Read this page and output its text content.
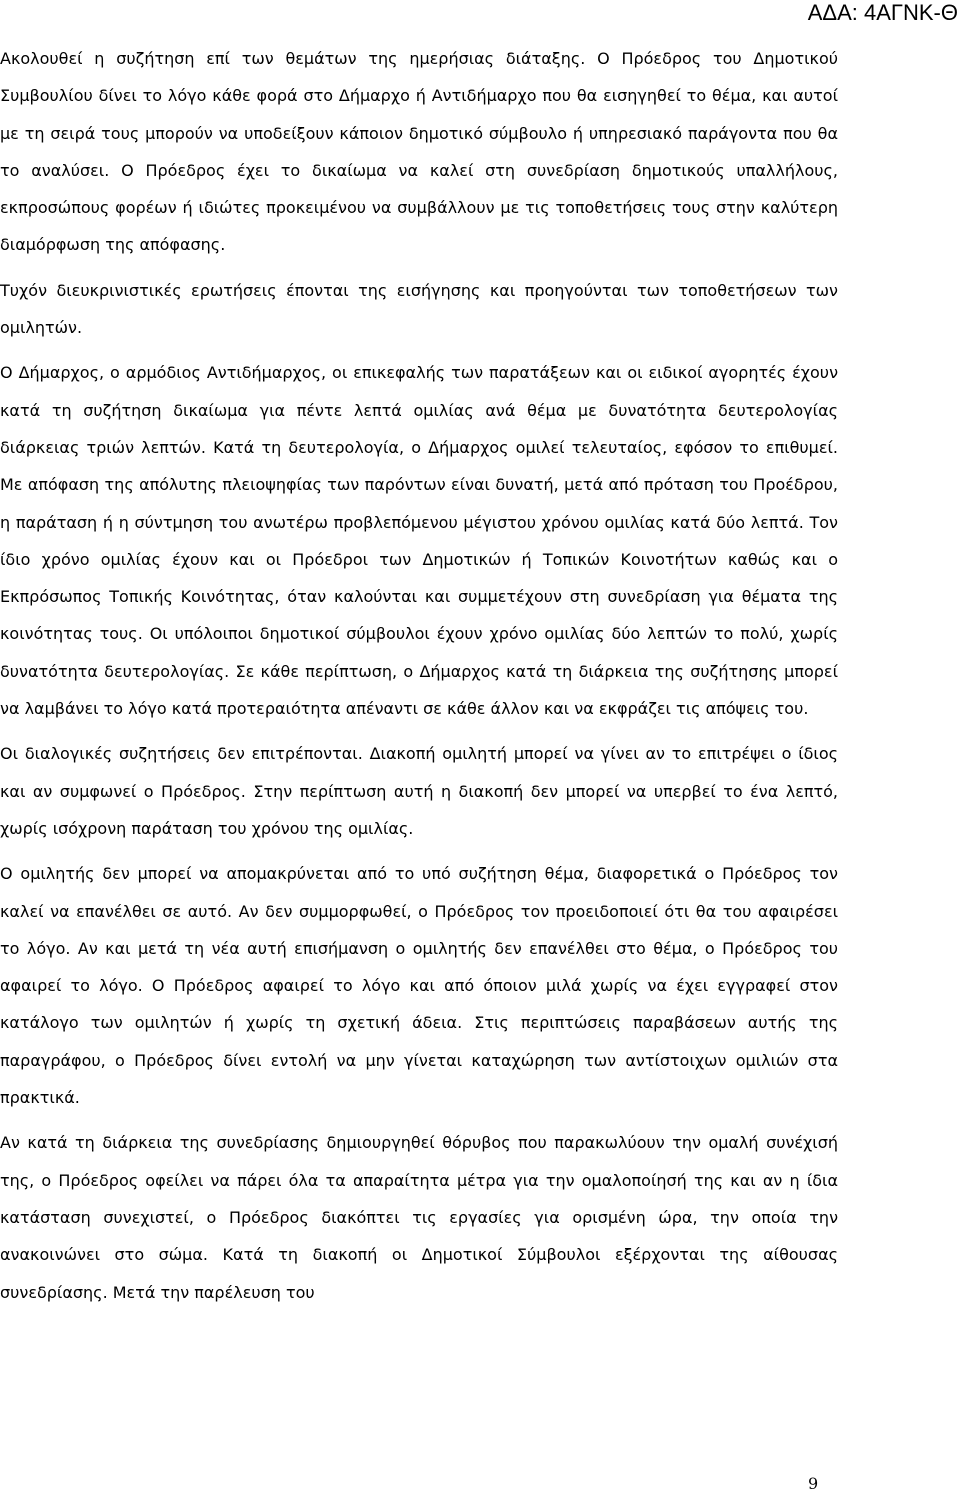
ΑΔΑ: 4ΑΓΝΚ-Θ

Ακολουθεί η συζήτηση επί των θεμάτων της ημερήσιας διάταξης. Ο Πρόεδρος του Δημοτικού Συμβουλίου δίνει το λόγο κάθε φορά στο Δήμαρχο ή Αντιδήμαρχο που θα εισηγηθεί το θέμα, και αυτοί με τη σειρά τους μπορούν να υποδείξουν κάποιον δημοτικό σύμβουλο ή υπηρεσιακό παράγοντα που θα το αναλύσει. Ο Πρόεδρος έχει το δικαίωμα να καλεί στη συνεδρίαση δημοτικούς υπαλλήλους, εκπροσώπους φορέων ή ιδιώτες προκειμένου να συμβάλλουν με τις τοποθετήσεις τους στην καλύτερη διαμόρφωση της απόφασης.

Τυχόν διευκρινιστικές ερωτήσεις έπονται της εισήγησης και προηγούνται των τοποθετήσεων των ομιλητών.

Ο Δήμαρχος, ο αρμόδιος Αντιδήμαρχος, οι επικεφαλής των παρατάξεων και οι ειδικοί αγορητές έχουν κατά τη συζήτηση δικαίωμα για πέντε λεπτά ομιλίας ανά θέμα με δυνατότητα δευτερολογίας διάρκειας τριών λεπτών. Κατά τη δευτερολογία, ο Δήμαρχος ομιλεί τελευταίος, εφόσον το επιθυμεί. Με απόφαση της απόλυτης πλειοψηφίας των παρόντων είναι δυνατή, μετά από πρόταση του Προέδρου, η παράταση ή η σύντμηση του ανωτέρω προβλεπόμενου μέγιστου χρόνου ομιλίας κατά δύο λεπτά. Τον ίδιο χρόνο ομιλίας έχουν και οι Πρόεδροι των Δημοτικών ή Τοπικών Κοινοτήτων καθώς και ο Εκπρόσωπος Τοπικής Κοινότητας, όταν καλούνται και συμμετέχουν στη συνεδρίαση για θέματα της κοινότητας τους. Οι υπόλοιποι δημοτικοί σύμβουλοι έχουν χρόνο ομιλίας δύο λεπτών το πολύ, χωρίς δυνατότητα δευτερολογίας. Σε κάθε περίπτωση, ο Δήμαρχος κατά τη διάρκεια της συζήτησης μπορεί να λαμβάνει το λόγο κατά προτεραιότητα απέναντι σε κάθε άλλον και να εκφράζει τις απόψεις του.

Οι διαλογικές συζητήσεις δεν επιτρέπονται. Διακοπή ομιλητή μπορεί να γίνει αν το επιτρέψει ο ίδιος και αν συμφωνεί ο Πρόεδρος. Στην περίπτωση αυτή η διακοπή δεν μπορεί να υπερβεί το ένα λεπτό, χωρίς ισόχρονη παράταση του χρόνου της ομιλίας.

Ο ομιλητής δεν μπορεί να απομακρύνεται από το υπό συζήτηση θέμα, διαφορετικά ο Πρόεδρος τον καλεί να επανέλθει σε αυτό. Αν δεν συμμορφωθεί, ο Πρόεδρος τον προειδοποιεί ότι θα του αφαιρέσει το λόγο. Αν και μετά τη νέα αυτή επισήμανση ο ομιλητής δεν επανέλθει στο θέμα, ο Πρόεδρος του αφαιρεί το λόγο. Ο Πρόεδρος αφαιρεί το λόγο και από όποιον μιλά χωρίς να έχει εγγραφεί στον κατάλογο των ομιλητών ή χωρίς τη σχετική άδεια. Στις περιπτώσεις παραβάσεων αυτής της παραγράφου, ο Πρόεδρος δίνει εντολή να μην γίνεται καταχώρηση των αντίστοιχων ομιλιών στα πρακτικά.

Αν κατά τη διάρκεια της συνεδρίασης δημιουργηθεί θόρυβος που παρακωλύουν την ομαλή συνέχισή της, ο Πρόεδρος οφείλει να πάρει όλα τα απαραίτητα μέτρα για την ομαλοποίησή της και αν η ίδια κατάσταση συνεχιστεί, ο Πρόεδρος διακόπτει τις εργασίες για ορισμένη ώρα, την οποία την ανακοινώνει στο σώμα. Κατά τη διακοπή οι Δημοτικοί Σύμβουλοι εξέρχονται της αίθουσας συνεδρίασης. Μετά την παρέλευση του

9
